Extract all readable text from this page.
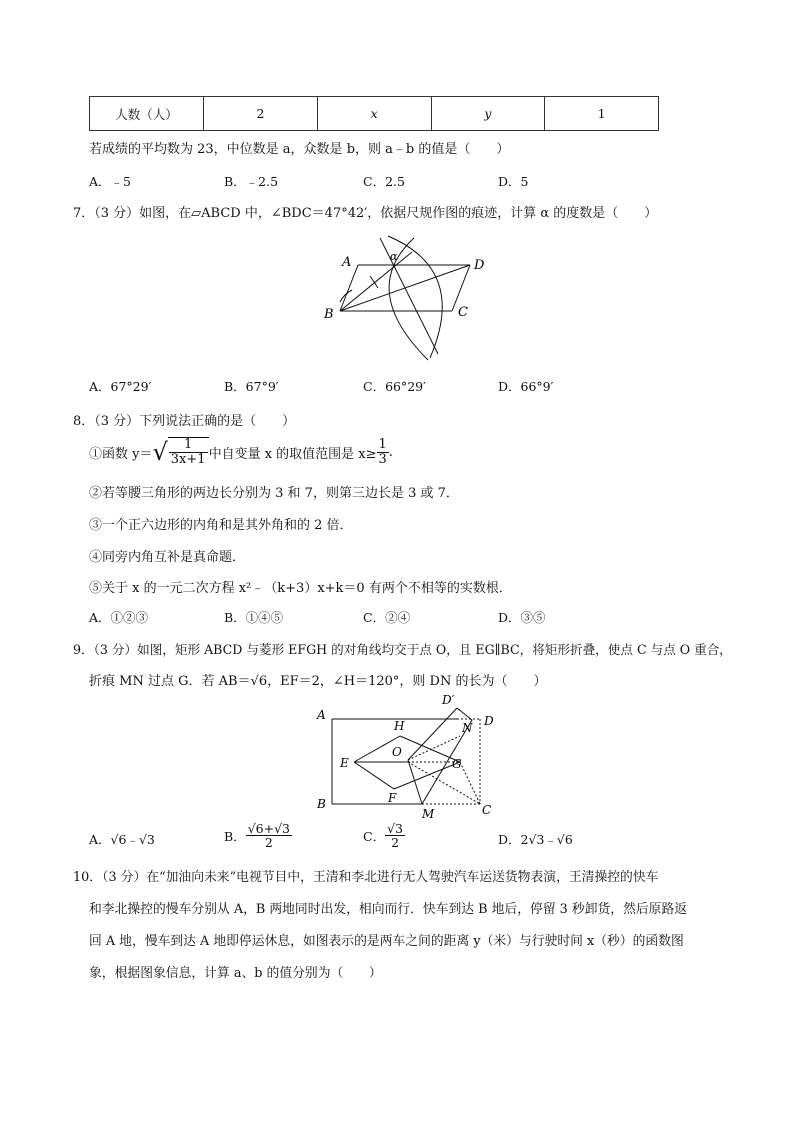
人数（人）	2	x	y	1
若成绩的平均数为 23，中位数是 a，众数是 b，则 a﹣b 的值是（　　）
A．﹣5	B．﹣2.5	C．2.5	D．5
7．（3 分）如图，在▱ABCD 中，∠BDC＝47°42′，依据尺规作图的痕迹，计算 α 的度数是（　　）
A
B	C
D
α
A．67°29′	B．67°9′	C．66°29′	D．66°9′
8．（3 分）下列说法正确的是（　　）
①函数 y＝ √ $\frac{1}{3x+1}$ 中自变量 x 的取值范围是 $x\ge \frac{1}{3}$ .
②若等腰三角形的两边长分别为 3 和 7，则第三边长是 3 或 7．
③一个正六边形的内角和是其外角和的 2 倍．
④同旁内角互补是真命题．
⑤关于 x 的一元二次方程 x²﹣（k+3）x+k＝0 有两个不相等的实数根．
A．①②③	B．①④⑤	C．②④	D．③⑤
9．（3 分）如图，矩形 ABCD 与菱形 EFGH 的对角线均交于点 O，且 EG∥BC，将矩形折叠，使点 C 与点 O 重合，
折痕 MN 过点 G．若 AB＝√6，EF＝2，∠H＝120°，则 DN 的长为（　　）
A
B	C
D
D′
E
F
G
H
M
N
O
A．√6﹣√3	B． $\frac{√6+√3}{2}$	C． $\frac{√3}{2}$	D．2√3﹣√6
10．（3 分）在“加油向未来”电视节目中，王清和李北进行无人驾驶汽车运送货物表演，王清操控的快车
和李北操控的慢车分别从 A，B 两地同时出发，相向而行．快车到达 B 地后，停留 3 秒卸货，然后原路返
回 A 地，慢车到达 A 地即停运休息，如图表示的是两车之间的距离 y（米）与行驶时间 x（秒）的函数图
象，根据图象信息，计算 a、b 的值分别为（　　）
